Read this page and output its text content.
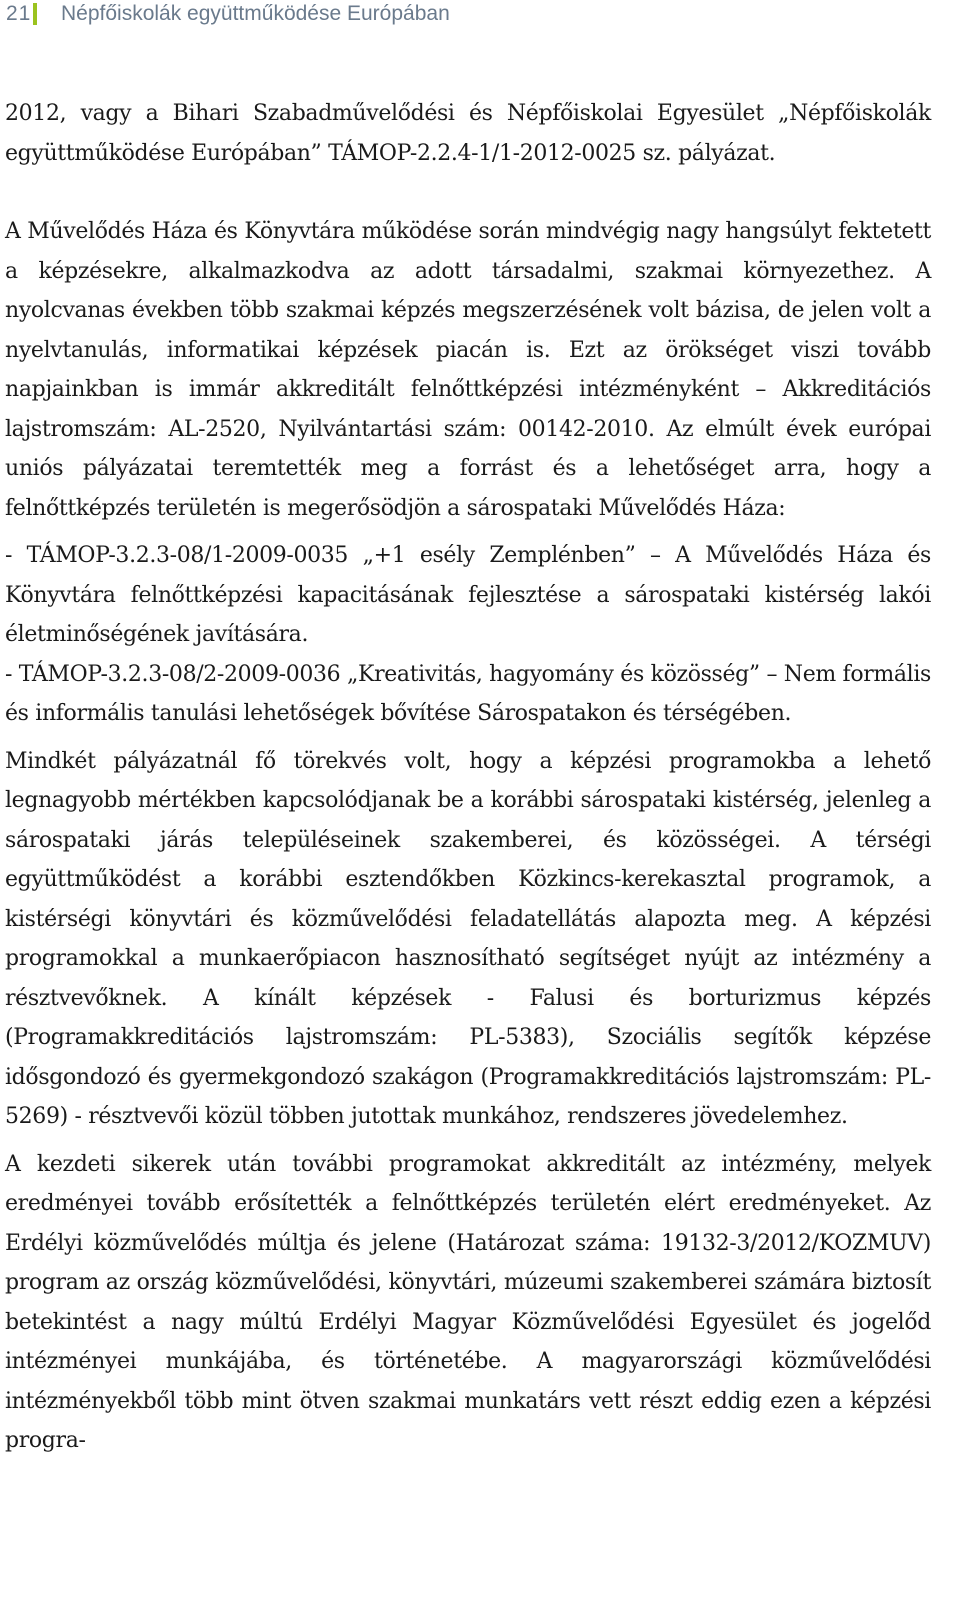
21 Népfőiskolák együttműködése Európában

2012, vagy a Bihari Szabadművelődési és Népfőiskolai Egyesület „Népfőiskolák együttműködése Európában” TÁMOP-2.2.4-1/1-2012-0025 sz. pályázat.

A Művelődés Háza és Könyvtára működése során mindvégig nagy hangsúlyt fektetett a képzésekre, alkalmazkodva az adott társadalmi, szakmai környezethez. A nyolcvanas években több szakmai képzés megszerzésének volt bázisa, de jelen volt a nyelvtanulás, informatikai képzések piacán is. Ezt az örökséget viszi tovább napjainkban is immár akkreditált felnőttképzési intézményként – Akkreditációs lajstromszám: AL-2520, Nyilvántartási szám: 00142-2010. Az elmúlt évek európai uniós pályázatai teremtették meg a forrást és a lehetőséget arra, hogy a felnőttképzés területén is megerősödjön a sárospataki Művelődés Háza:

- TÁMOP-3.2.3-08/1-2009-0035 „+1 esély Zemplénben” – A Művelődés Háza és Könyvtára felnőttképzési kapacitásának fejlesztése a sárospataki kistérség lakói életminőségének javítására.

- TÁMOP-3.2.3-08/2-2009-0036 „Kreativitás, hagyomány és közösség” – Nem formális és informális tanulási lehetőségek bővítése Sárospatakon és térségében.

Mindkét pályázatnál fő törekvés volt, hogy a képzési programokba a lehető legnagyobb mértékben kapcsolódjanak be a korábbi sárospataki kistérség, jelenleg a sárospataki járás településeinek szakemberei, és közösségei. A térségi együttműködést a korábbi esztendőkben Közkincs-kerekasztal programok, a kistérségi könyvtári és közművelődési feladatellátás alapozta meg. A képzési programokkal a munkaerőpiacon hasznosítható segítséget nyújt az intézmény a résztvevőknek. A kínált képzések - Falusi és borturizmus képzés (Programakkreditációs lajstromszám: PL-5383), Szociális segítők képzése idősgondozó és gyermekgondozó szakágon (Programakkreditációs lajstromszám: PL-5269) - résztvevői közül többen jutottak munkához, rendszeres jövedelemhez.

A kezdeti sikerek után további programokat akkreditált az intézmény, melyek eredményei tovább erősítették a felnőttképzés területén elért eredményeket. Az Erdélyi közművelődés múltja és jelene (Határozat száma: 19132-3/2012/KOZMUV) program az ország közművelődési, könyvtári, múzeumi szakemberei számára biztosít betekintést a nagy múltú Erdélyi Magyar Közművelődési Egyesület és jogelőd intézményei munkájába, és történetébe. A magyarországi közművelődési intézményekből több mint ötven szakmai munkatárs vett részt eddig ezen a képzési progra-
